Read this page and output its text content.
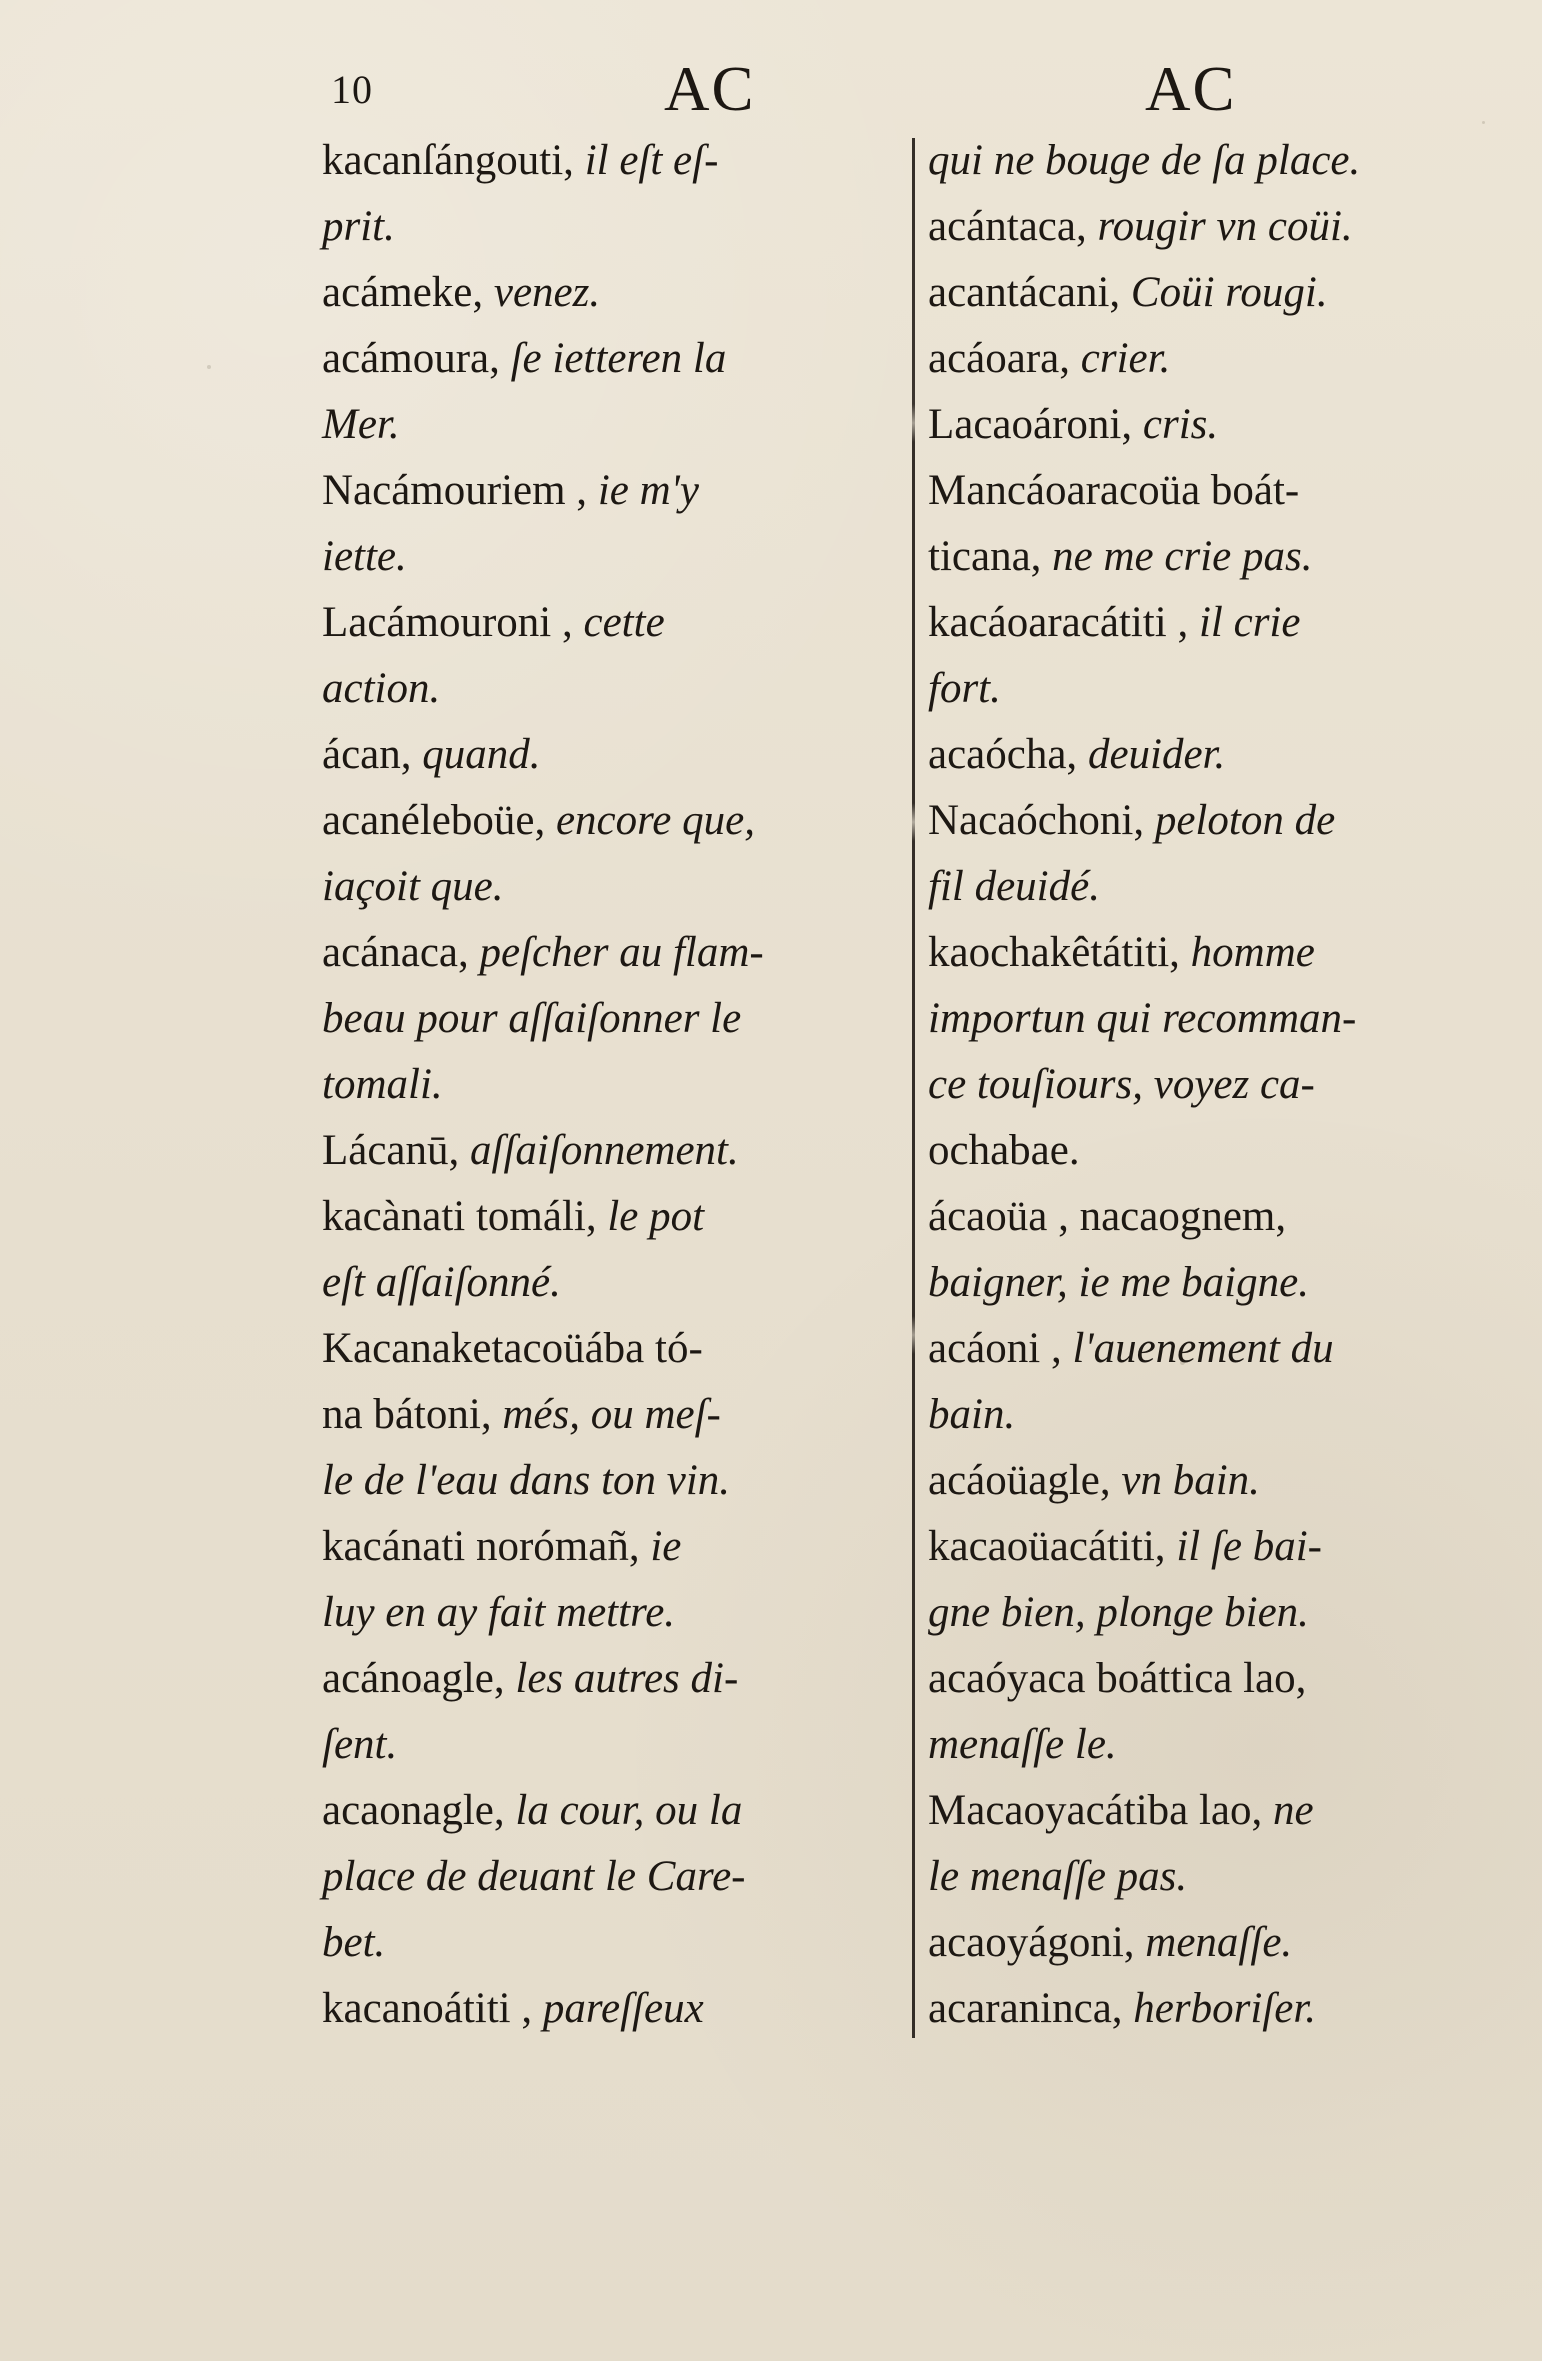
10	AC	AC

kacanſángouti, il eſt eſ-

prit.

acámeke, venez.

acámoura, ſe ietteren la

Mer.

Nacámouriem , ie m'y

iette.

Lacámouroni , cette

action.

ácan, quand.

acanéleboüe, encore que,

iaçoit que.

acánaca, peſcher au flam-

beau pour aſſaiſonner le

tomali.

Lácanū, aſſaiſonnement.

kacànati tomáli, le pot

eſt aſſaiſonné.

Kacanaketacoüába tó-

na bátoni, més, ou meſ-

le de l'eau dans ton vin.

kacánati norómañ, ie

luy en ay fait mettre.

acánoagle, les autres di-

ſent.

acaonagle, la cour, ou la

place de deuant le Care-

bet.

kacanoátiti , pareſſeux

qui ne bouge de ſa place.

acántaca, rougir vn coüi.

acantácani, Coüi rougi.

acáoara, crier.

Lacaoároni, cris.

Mancáoaracoüa boát-

ticana, ne me crie pas.

kacáoaracátiti , il crie

fort.

acaócha, deuider.

Nacaóchoni, peloton de

fil deuidé.

kaochakêtátiti, homme

importun qui recomman-

ce touſiours, voyez ca-

ochabae.

ácaoüa , nacaognem,

baigner, ie me baigne.

acáoni , l'auenement du

bain.

acáoüagle, vn bain.

kacaoüacátiti, il ſe bai-

gne bien, plonge bien.

acaóyaca boáttica lao,

menaſſe le.

Macaoyacátiba lao, ne

le menaſſe pas.

acaoyágoni, menaſſe.

acaraninca, herboriſer.
